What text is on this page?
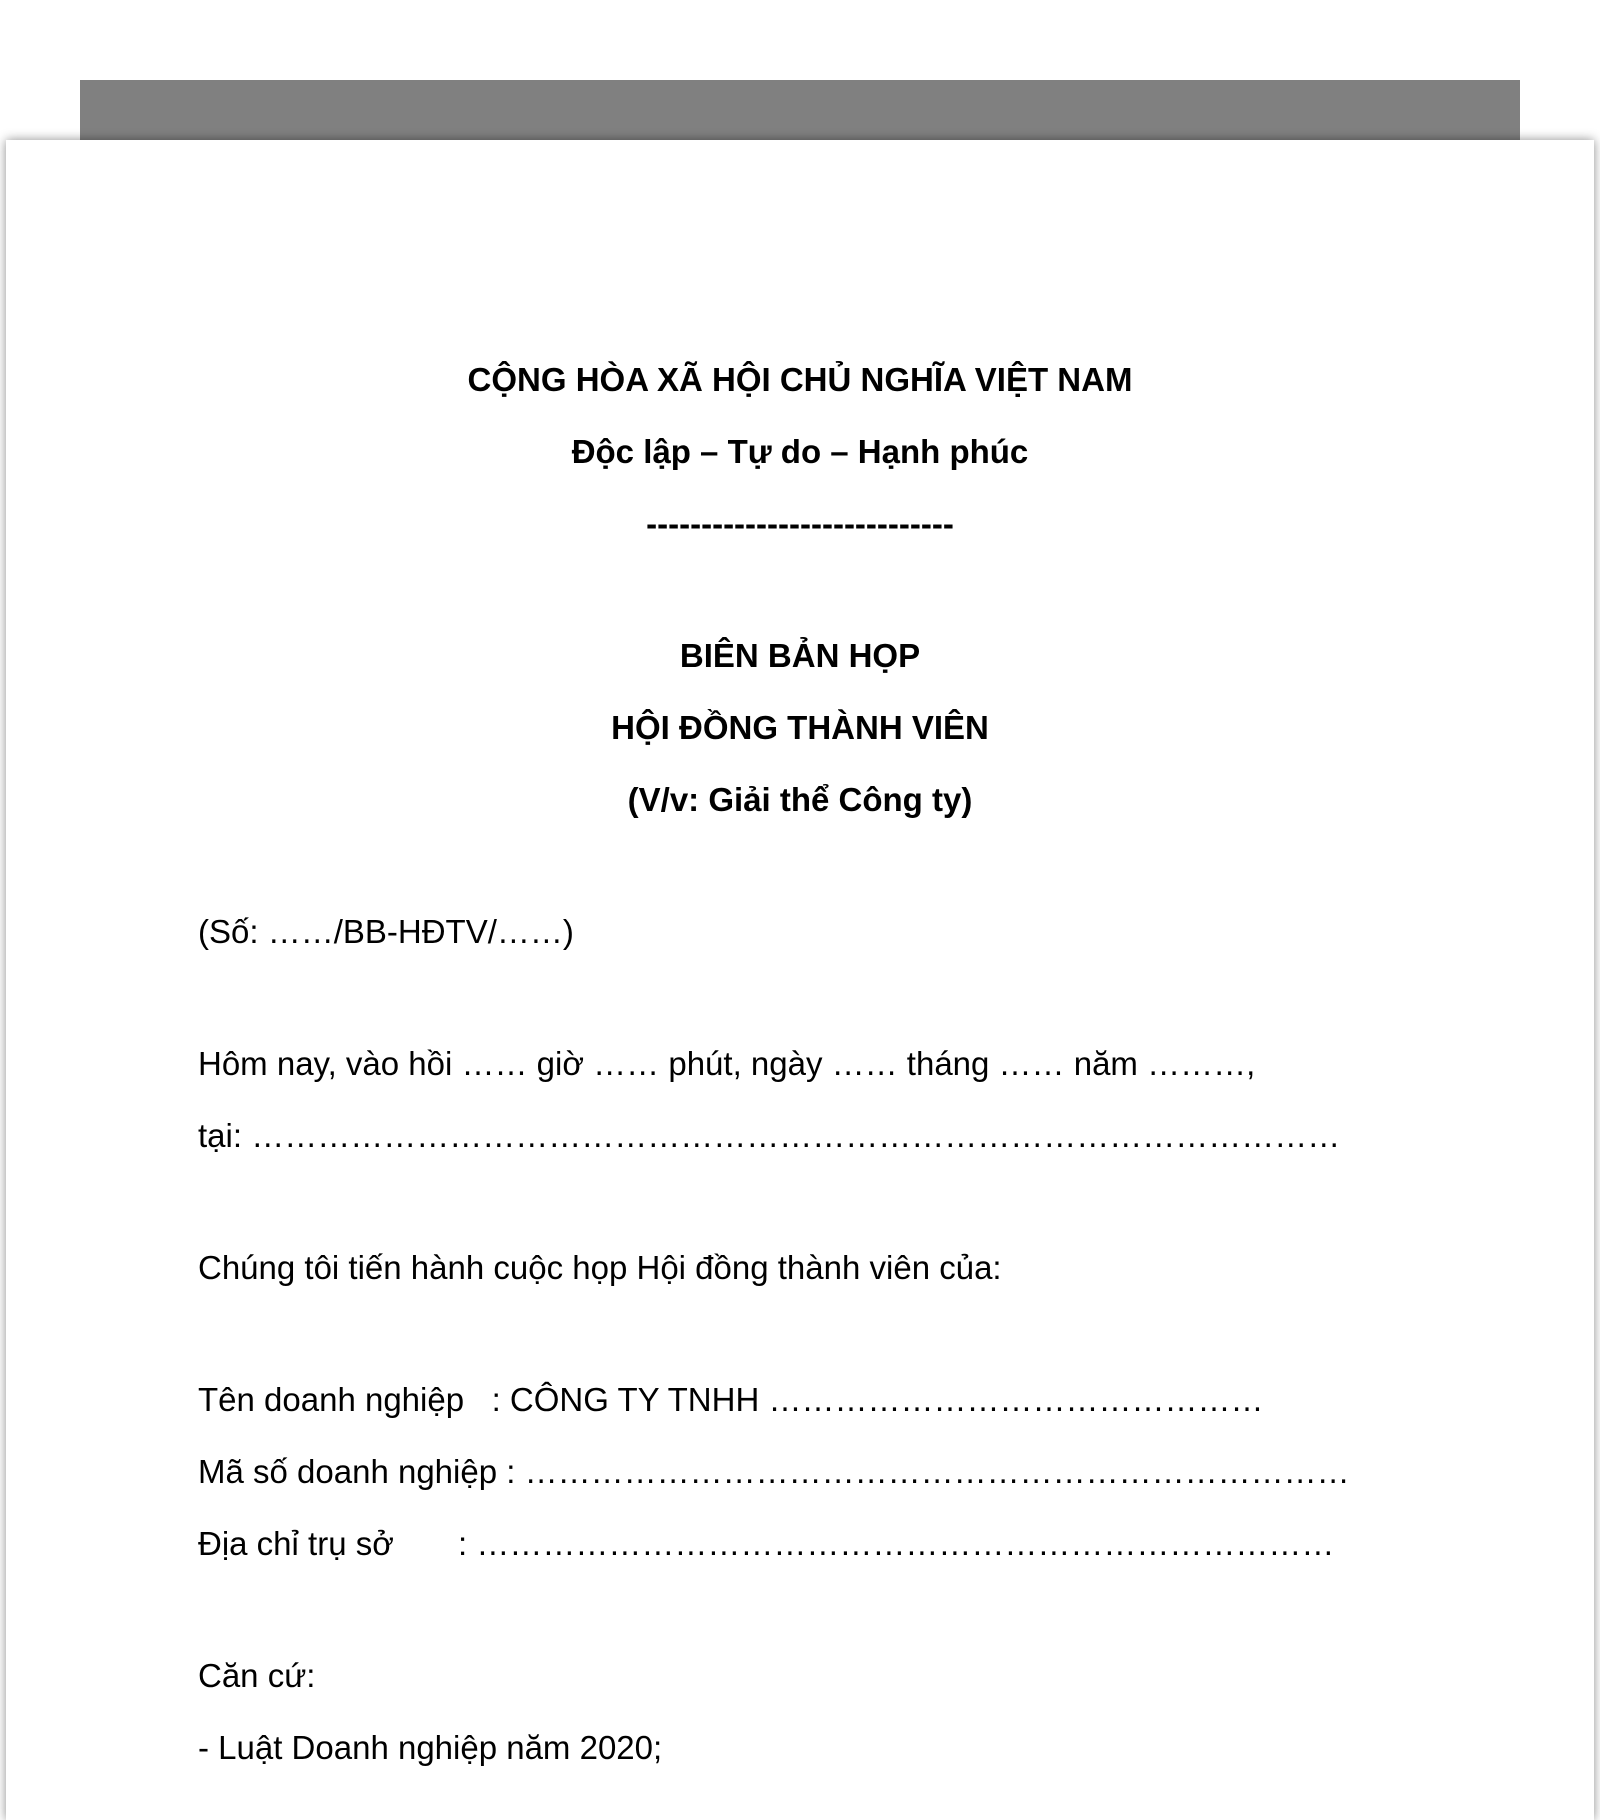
CỘNG HÒA XÃ HỘI CHỦ NGHĨA VIỆT NAM
Độc lập – Tự do – Hạnh phúc
----------------------------
BIÊN BẢN HỌP
HỘI ĐỒNG THÀNH VIÊN
(V/v: Giải thể Công ty)
(Số: ……/BB-HĐTV/……)
Hôm nay, vào hồi …… giờ …… phút, ngày …… tháng …… năm ………,
tại: ………………………………………………………………………………………
Chúng tôi tiến hành cuộc họp Hội đồng thành viên của:
Tên doanh nghiệp   : CÔNG TY TNHH ………………………………………
Mã số doanh nghiệp : …………………………………………………………………
Địa chỉ trụ sở       : ……………………………………………………………………
Căn cứ:
- Luật Doanh nghiệp năm 2020;
